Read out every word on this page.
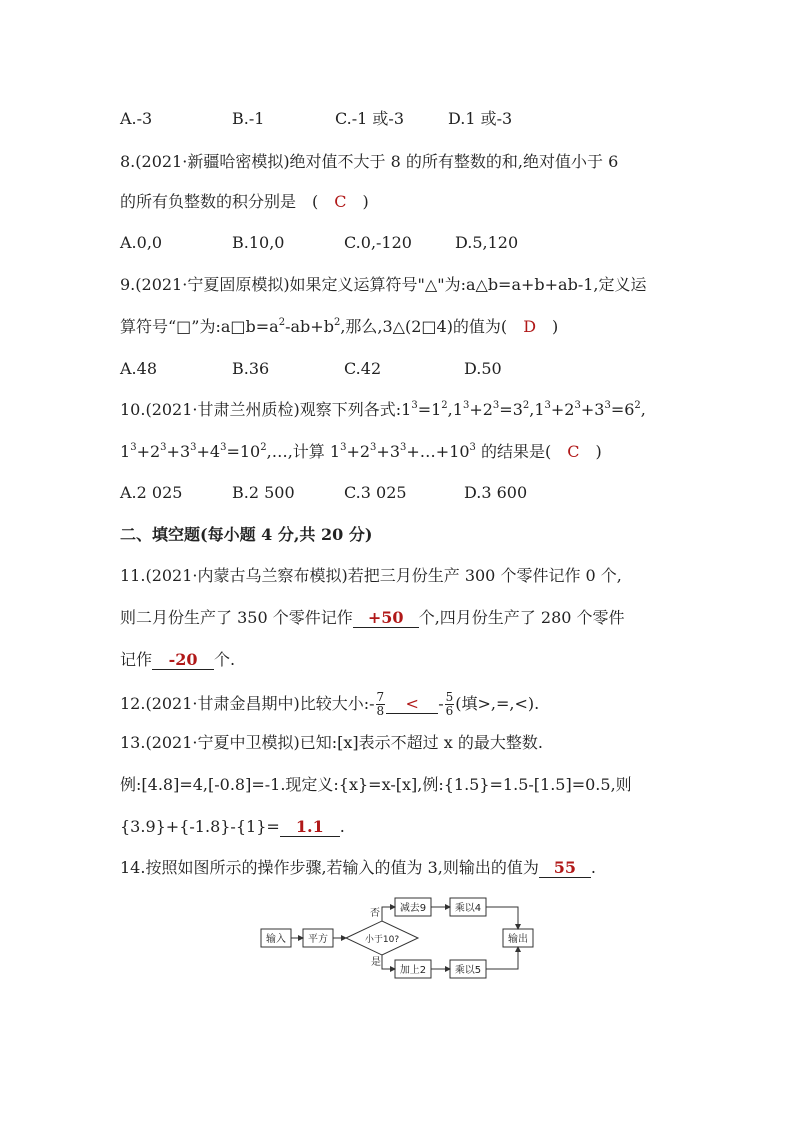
A.-3	B.-1	C.-1 或-3	D.1 或-3
8.(2021·新疆哈密模拟)绝对值不大于 8 的所有整数的和,绝对值小于 6
的所有负整数的积分别是　(　C　)
A.0,0	B.10,0	C.0,-120	D.5,120
9.(2021·宁夏固原模拟)如果定义运算符号"△"为:a△b=a+b+ab-1,定义运
算符号“□”为$:a□b=a^2-ab+b^2$,那么,3△(2□4)的值为(　D　)
A.48	B.36	C.42	D.50
10.(2021·甘肃兰州质检)观察下列各式$:1^3=1^2,1^3+2^3=3^2,1^3+2^3+3^3=6^2$,
$1^3+2^3+3^3+4^3=10^2,\dots$,计算 $1^3+2^3+3^3+\dots+10^3$ 的结果是(　C　)
A.2 025	B.2 500	C.3 025	D.3 600
二、填空题(每小题 4 分,共 20 分)
11.(2021·内蒙古乌兰察布模拟)若把三月份生产 300 个零件记作 0 个,
则二月份生产了 350 个零件记作 +50 个,四月份生产了 280 个零件
记作 -20 个.
12.(2021·甘肃金昌期中)比较大小:- $\frac{7}{8}$ < - $\frac{5}{6}$ (填>,=,<).
13.(2021·宁夏中卫模拟)已知:[x]表示不超过 x 的最大整数.
例:[4.8]=4,[-0.8]=-1.现定义:{x}=x-[x],例:{1.5}=1.5-[1.5]=0.5,则
{3.9}+{-1.8}-{1}= 1.1 .
14.按照如图所示的操作步骤,若输入的值为 3,则输出的值为 55 .
输入 平方	小于10?
减去9	乘以4
加上2	乘以5
输出
否
是
